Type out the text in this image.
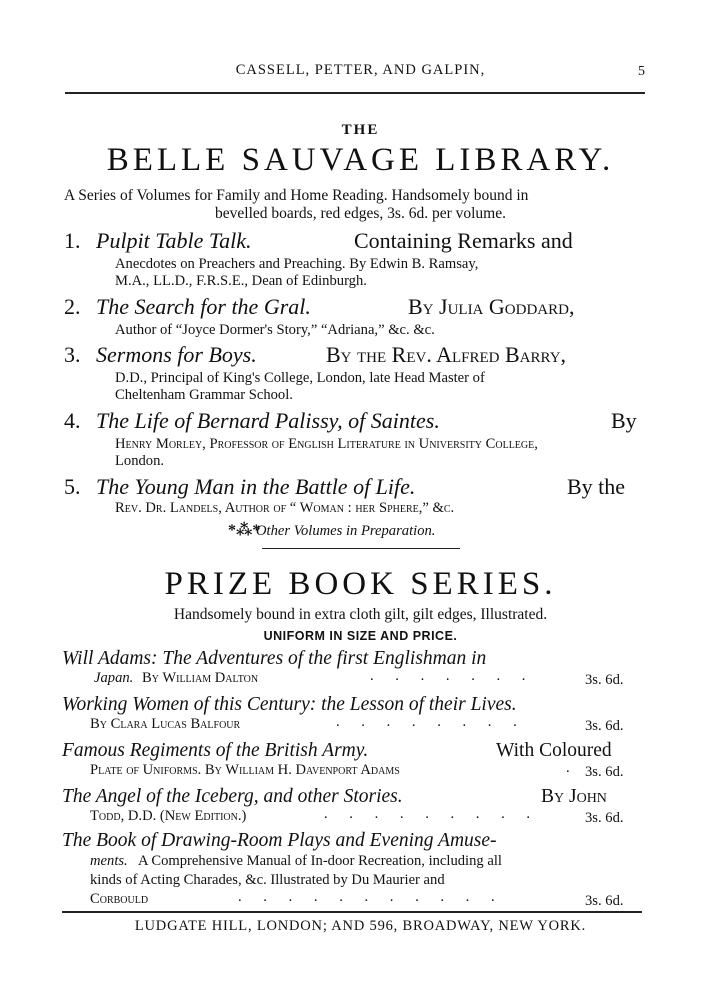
CASSELL, PETTER, AND GALPIN,	5
THE
BELLE SAUVAGE LIBRARY.
A Series of Volumes for Family and Home Reading. Handsomely bound in
bevelled boards, red edges, 3s. 6d. per volume.
1. Pulpit Table Talk.	Containing Remarks and
Anecdotes on Preachers and Preaching. By Edwin B. Ramsay,
M.A., LL.D., F.R.S.E., Dean of Edinburgh.
2. The Search for the Gral.	By Julia Goddard,
Author of “Joyce Dormer's Story,” “Adriana,” &c. &c.
3. Sermons for Boys.	By the Rev. Alfred Barry,
D.D., Principal of King's College, London, late Head Master of
Cheltenham Grammar School.
4. The Life of Bernard Palissy, of Saintes.	By
Henry Morley, Professor of English Literature in University College,
London.
5. The Young Man in the Battle of Life.	By the
Rev. Dr. Landels, Author of “ Woman : her Sphere,” &c.
*⁂*
Other Volumes in Preparation.
PRIZE BOOK SERIES.
Handsomely bound in extra cloth gilt, gilt edges, Illustrated.
UNIFORM IN SIZE AND PRICE.
Will Adams: The Adventures of the first Englishman in
Japan. By William Dalton	. . . . . . .	3s. 6d.
Working Women of this Century: the Lesson of their Lives.
By Clara Lucas Balfour	. . . . . . . .	3s. 6d.
Famous Regiments of the British Army.	With Coloured
Plate of Uniforms. By William H. Davenport Adams	. 3s. 6d.
The Angel of the Iceberg, and other Stories.	By John
Todd, D.D. (New Edition.)	. . . . . . . . .	3s. 6d.
The Book of Drawing-Room Plays and Evening Amuse-
ments. A Comprehensive Manual of In-door Recreation, including all
kinds of Acting Charades, &c. Illustrated by Du Maurier and
Corbould	. . . . . . . . . . .	3s. 6d.
LUDGATE HILL, LONDON; AND 596, BROADWAY, NEW YORK.
